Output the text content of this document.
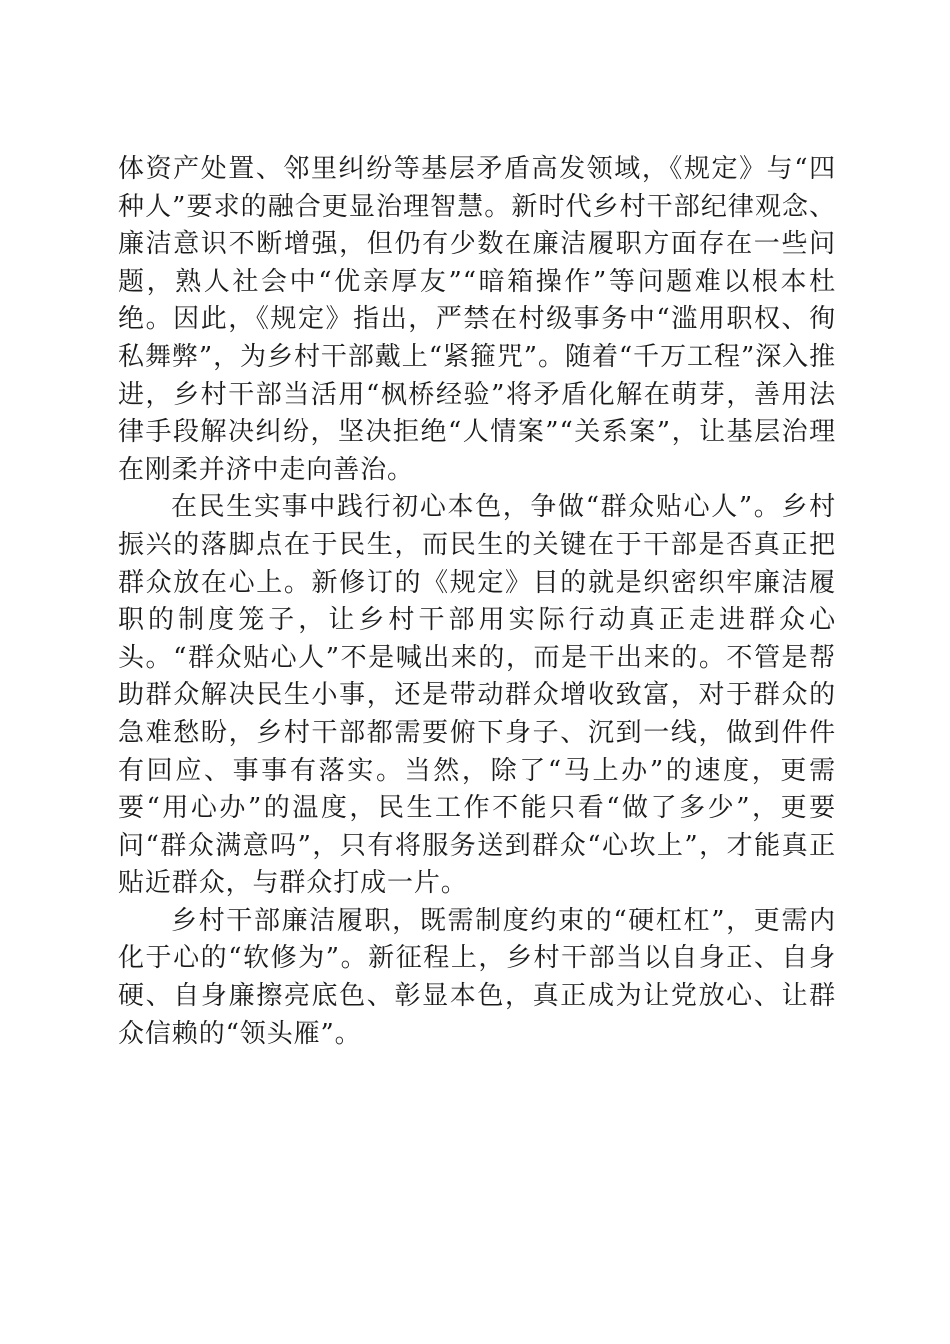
体资产处置、邻里纠纷等基层矛盾高发领域，《规定》与“四种人”要求的融合更显治理智慧。新时代乡村干部纪律观念、廉洁意识不断增强，但仍有少数在廉洁履职方面存在一些问题，熟人社会中“优亲厚友”“暗箱操作”等问题难以根本杜绝。因此，《规定》指出，严禁在村级事务中“滥用职权、徇私舞弊”，为乡村干部戴上“紧箍咒”。随着“千万工程”深入推进，乡村干部当活用“枫桥经验”将矛盾化解在萌芽，善用法律手段解决纠纷，坚决拒绝“人情案”“关系案”，让基层治理在刚柔并济中走向善治。

在民生实事中践行初心本色，争做“群众贴心人”。乡村振兴的落脚点在于民生，而民生的关键在于干部是否真正把群众放在心上。新修订的《规定》目的就是织密织牢廉洁履职的制度笼子，让乡村干部用实际行动真正走进群众心头。“群众贴心人”不是喊出来的，而是干出来的。不管是帮助群众解决民生小事，还是带动群众增收致富，对于群众的急难愁盼，乡村干部都需要俯下身子、沉到一线，做到件件有回应、事事有落实。当然，除了“马上办”的速度，更需要“用心办”的温度，民生工作不能只看“做了多少”，更要问“群众满意吗”，只有将服务送到群众“心坎上”，才能真正贴近群众，与群众打成一片。

乡村干部廉洁履职，既需制度约束的“硬杠杠”，更需内化于心的“软修为”。新征程上，乡村干部当以自身正、自身硬、自身廉擦亮底色、彰显本色，真正成为让党放心、让群众信赖的“领头雁”。
